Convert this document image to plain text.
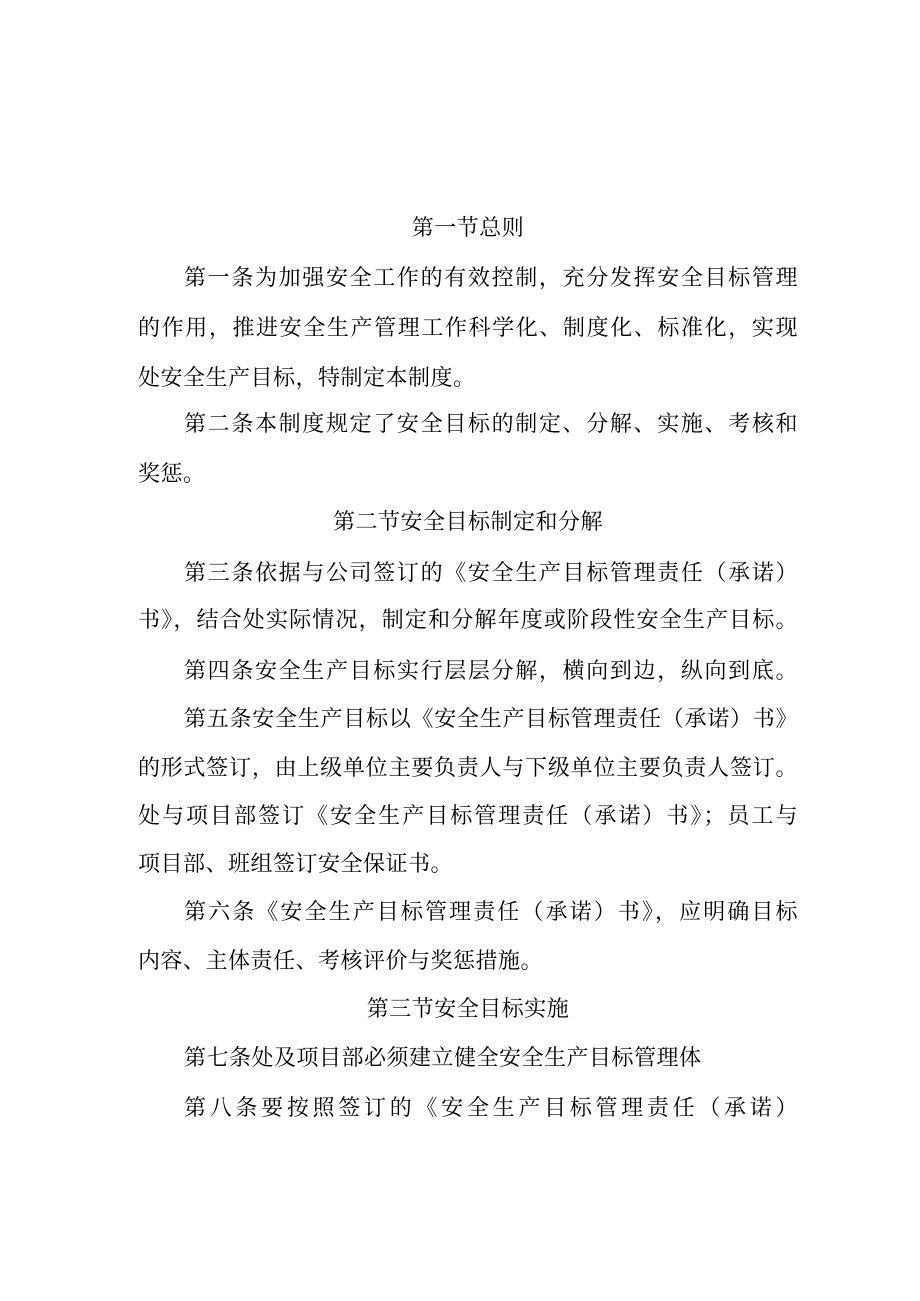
第一节总则
第一条为加强安全工作的有效控制，充分发挥安全目标管理
的作用，推进安全生产管理工作科学化、制度化、标准化，实现
处安全生产目标，特制定本制度。
第二条本制度规定了安全目标的制定、分解、实施、考核和
奖惩。
第二节安全目标制定和分解
第三条依据与公司签订的《安全生产目标管理责任（承诺）
书》，结合处实际情况，制定和分解年度或阶段性安全生产目标。
第四条安全生产目标实行层层分解，横向到边，纵向到底。
第五条安全生产目标以《安全生产目标管理责任（承诺）书》
的形式签订，由上级单位主要负责人与下级单位主要负责人签订。
处与项目部签订《安全生产目标管理责任（承诺）书》；员工与
项目部、班组签订安全保证书。
第六条《安全生产目标管理责任（承诺）书》，应明确目标
内容、主体责任、考核评价与奖惩措施。
第三节安全目标实施
第七条处及项目部必须建立健全安全生产目标管理体
第八条要按照签订的《安全生产目标管理责任（承诺）
